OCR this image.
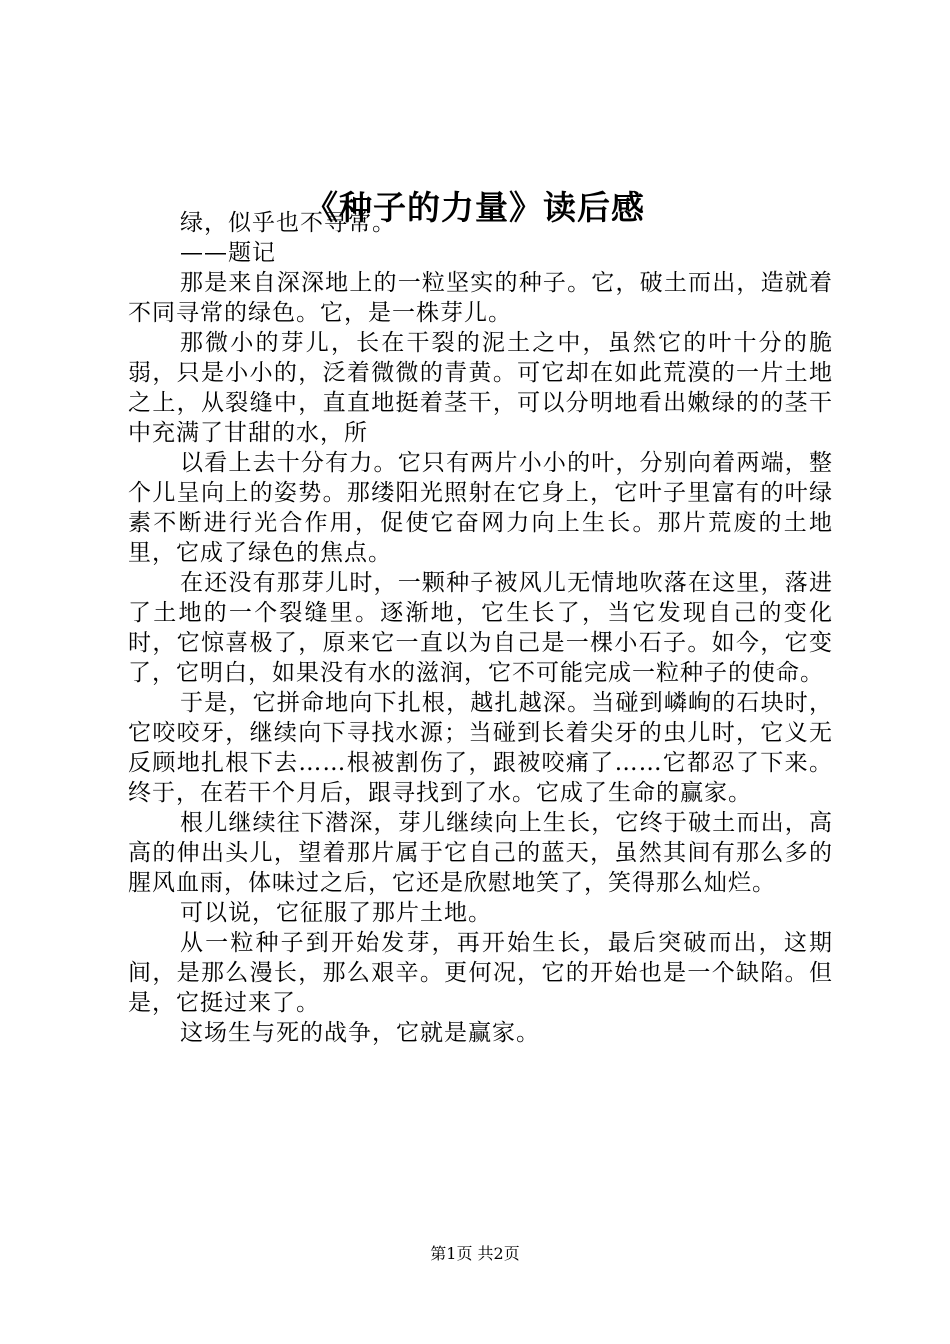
《种子的力量》读后感

绿，似乎也不寻常。

——题记

那是来自深深地上的一粒坚实的种子。它，破土而出，造就着不同寻常的绿色。它，是一株芽儿。

那微小的芽儿，长在干裂的泥土之中，虽然它的叶十分的脆弱，只是小小的，泛着微微的青黄。可它却在如此荒漠的一片土地之上，从裂缝中，直直地挺着茎干，可以分明地看出嫩绿的的茎干中充满了甘甜的水，所

以看上去十分有力。它只有两片小小的叶，分别向着两端，整个儿呈向上的姿势。那缕阳光照射在它身上，它叶子里富有的叶绿素不断进行光合作用，促使它奋网力向上生长。那片荒废的土地里，它成了绿色的焦点。

在还没有那芽儿时，一颗种子被风儿无情地吹落在这里，落进了土地的一个裂缝里。逐渐地，它生长了，当它发现自己的变化时，它惊喜极了，原来它一直以为自己是一棵小石子。如今，它变了，它明白，如果没有水的滋润，它不可能完成一粒种子的使命。

于是，它拼命地向下扎根，越扎越深。当碰到嶙峋的石块时，它咬咬牙，继续向下寻找水源；当碰到长着尖牙的虫儿时，它义无反顾地扎根下去……根被割伤了，跟被咬痛了……它都忍了下来。终于，在若干个月后，跟寻找到了水。它成了生命的赢家。

根儿继续往下潜深，芽儿继续向上生长，它终于破土而出，高高的伸出头儿，望着那片属于它自己的蓝天，虽然其间有那么多的腥风血雨，体味过之后，它还是欣慰地笑了，笑得那么灿烂。

可以说，它征服了那片土地。

从一粒种子到开始发芽，再开始生长，最后突破而出，这期间，是那么漫长，那么艰辛。更何况，它的开始也是一个缺陷。但是，它挺过来了。

这场生与死的战争，它就是赢家。

第1页 共2页
